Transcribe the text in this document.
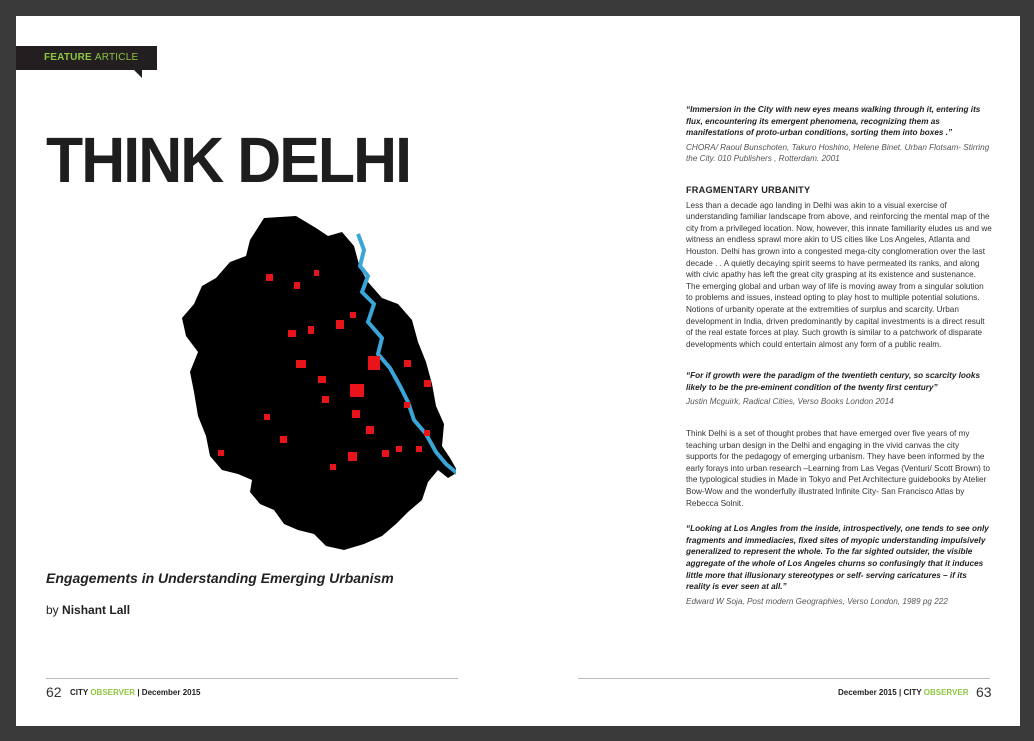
FEATURE ARTICLE
THINK DELHI
Engagements in Understanding Emerging Urbanism
by Nishant Lall

“Immersion in the City with new eyes means walking through it, entering its flux, encountering its emergent phenomena, recognizing them as manifestations of proto-urban conditions, sorting them into boxes .”

CHORA/ Raoul Bunschoten, Takuro Hoshino, Helene Binet. Urban Flotsam- Stirring the City. 010 Publishers , Rotterdam. 2001

FRAGMENTARY URBANITY

Less than a decade ago landing in Delhi was akin to a visual exercise of understanding familiar landscape from above, and reinforcing the mental map of the city from a privileged location. Now, however, this innate familiarity eludes us and we witness an endless sprawl more akin to US cities like Los Angeles, Atlanta and Houston. Delhi has grown into a congested mega-city conglomeration over the last decade . . A quietly decaying spirit seems to have permeated its ranks, and along with civic apathy has left the great city grasping at its existence and sustenance. The emerging global and urban way of life is moving away from a singular solution to problems and issues, instead opting to play host to multiple potential solutions. Notions of urbanity operate at the extremities of surplus and scarcity. Urban development in India, driven predominantly by capital investments is a direct result of the real estate forces at play. Such growth is similar to a patchwork of disparate developments which could entertain almost any form of a public realm.

“For if growth were the paradigm of the twentieth century, so scarcity looks likely to be the pre-eminent condition of the twenty first century”

Justin Mcguirk, Radical Cities, Verso Books London 2014

Think Delhi is a set of thought probes that have emerged over five years of my teaching urban design in the Delhi and engaging in the vivid canvas the city supports for the pedagogy of emerging urbanism. They have been informed by the early forays into urban research –Learning from Las Vegas (Venturi/ Scott Brown) to the typological studies in Made in Tokyo and Pet Architecture guidebooks by Atelier Bow-Wow and the wonderfully illustrated Infinite City- San Francisco Atlas by Rebecca Solnit.

“Looking at Los Angles from the inside, introspectively, one tends to see only fragments and immediacies, fixed sites of myopic understanding impulsively generalized to represent the whole. To the far sighted outsider, the visible aggregate of the whole of Los Angeles churns so confusingly that it induces little more that illusionary stereotypes or self- serving caricatures – if its reality is ever seen at all.”

Edward W Soja, Post modern Geographies, Verso London, 1989 pg 222

62 CITY OBSERVER | December 2015	December 2015 | CITY OBSERVER 63
